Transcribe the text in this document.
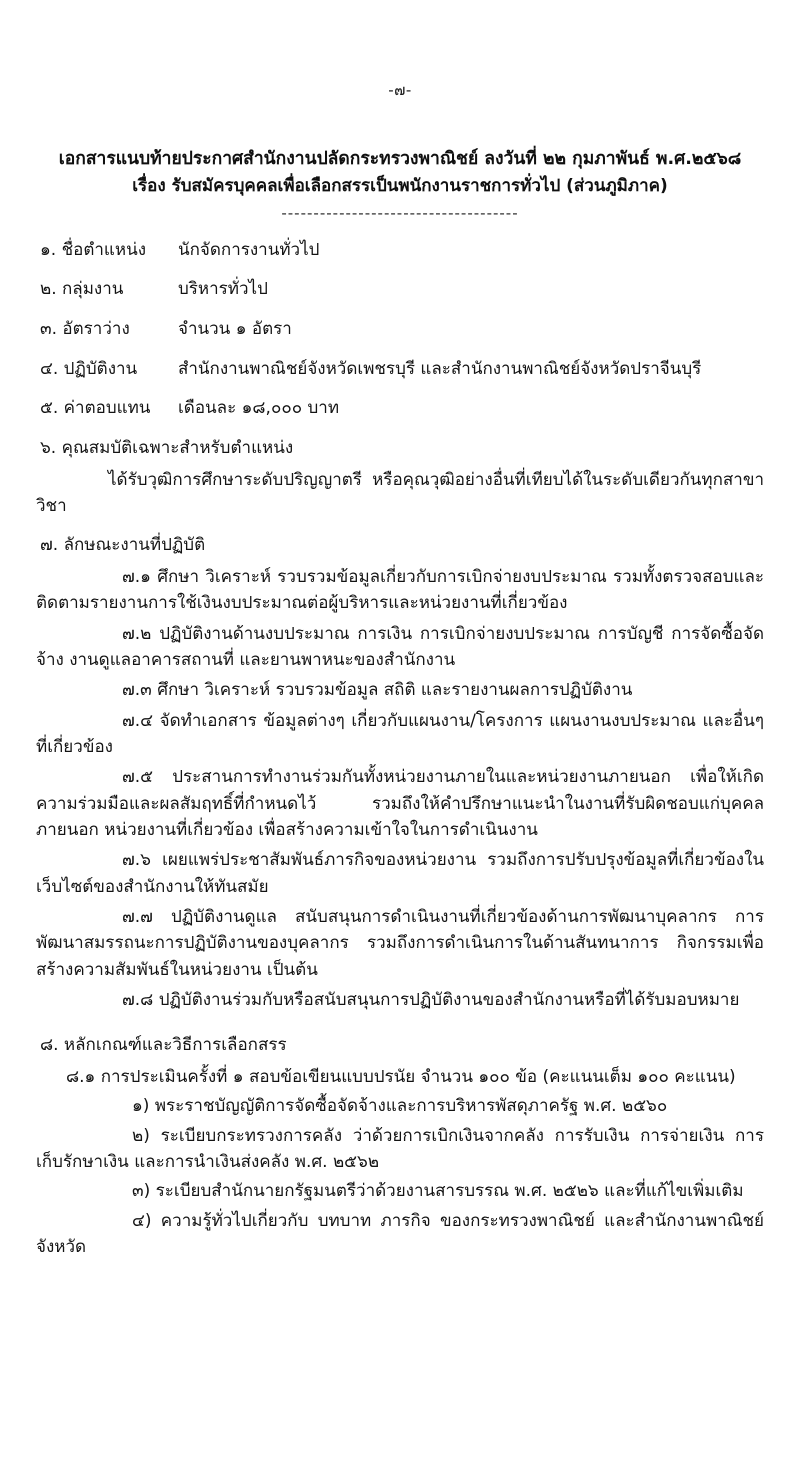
-๗-
เอกสารแนบท้ายประกาศสำนักงานปลัดกระทรวงพาณิชย์ ลงวันที่ ๒๒ กุมภาพันธ์ พ.ศ.๒๕๖๘
เรื่อง รับสมัครบุคคลเพื่อเลือกสรรเป็นพนักงานราชการทั่วไป (ส่วนภูมิภาค)
-------------------------------------
๑. ชื่อตำแหน่ง	นักจัดการงานทั่วไป
๒. กลุ่มงาน	บริหารทั่วไป
๓. อัตราว่าง	จำนวน ๑ อัตรา
๔. ปฏิบัติงาน	สำนักงานพาณิชย์จังหวัดเพชรบุรี และสำนักงานพาณิชย์จังหวัดปราจีนบุรี
๕. ค่าตอบแทน	เดือนละ ๑๘,๐๐๐ บาท
๖. คุณสมบัติเฉพาะสำหรับตำแหน่ง
ได้รับวุฒิการศึกษาระดับปริญญาตรี หรือคุณวุฒิอย่างอื่นที่เทียบได้ในระดับเดียวกันทุกสาขาวิชา
๗. ลักษณะงานที่ปฏิบัติ
๗.๑ ศึกษา วิเคราะห์ รวบรวมข้อมูลเกี่ยวกับการเบิกจ่ายงบประมาณ รวมทั้งตรวจสอบและติดตามรายงานการใช้เงินงบประมาณต่อผู้บริหารและหน่วยงานที่เกี่ยวข้อง
๗.๒ ปฏิบัติงานด้านงบประมาณ การเงิน การเบิกจ่ายงบประมาณ การบัญชี การจัดซื้อจัดจ้าง งานดูแลอาคารสถานที่ และยานพาหนะของสำนักงาน
๗.๓ ศึกษา วิเคราะห์ รวบรวมข้อมูล สถิติ และรายงานผลการปฏิบัติงาน
๗.๔ จัดทำเอกสาร ข้อมูลต่างๆ เกี่ยวกับแผนงาน/โครงการ แผนงานงบประมาณ และอื่นๆ ที่เกี่ยวข้อง
๗.๕ ประสานการทำงานร่วมกันทั้งหน่วยงานภายในและหน่วยงานภายนอก เพื่อให้เกิดความร่วมมือและผลสัมฤทธิ์ที่กำหนดไว้ รวมถึงให้คำปรึกษาแนะนำในงานที่รับผิดชอบแก่บุคคลภายนอก หน่วยงานที่เกี่ยวข้อง เพื่อสร้างความเข้าใจในการดำเนินงาน
๗.๖ เผยแพร่ประชาสัมพันธ์ภารกิจของหน่วยงาน รวมถึงการปรับปรุงข้อมูลที่เกี่ยวข้องในเว็บไซต์ของสำนักงานให้ทันสมัย
๗.๗ ปฏิบัติงานดูแล สนับสนุนการดำเนินงานที่เกี่ยวข้องด้านการพัฒนาบุคลากร การพัฒนาสมรรถนะการปฏิบัติงานของบุคลากร รวมถึงการดำเนินการในด้านสันทนาการ กิจกรรมเพื่อสร้างความสัมพันธ์ในหน่วยงาน เป็นต้น
๗.๘ ปฏิบัติงานร่วมกับหรือสนับสนุนการปฏิบัติงานของสำนักงานหรือที่ได้รับมอบหมาย
๘. หลักเกณฑ์และวิธีการเลือกสรร
๘.๑ การประเมินครั้งที่ ๑ สอบข้อเขียนแบบปรนัย จำนวน ๑๐๐ ข้อ (คะแนนเต็ม ๑๐๐ คะแนน)
๑) พระราชบัญญัติการจัดซื้อจัดจ้างและการบริหารพัสดุภาครัฐ พ.ศ. ๒๕๖๐
๒) ระเบียบกระทรวงการคลัง ว่าด้วยการเบิกเงินจากคลัง การรับเงิน การจ่ายเงิน การเก็บรักษาเงิน และการนำเงินส่งคลัง พ.ศ. ๒๕๖๒
๓) ระเบียบสำนักนายกรัฐมนตรีว่าด้วยงานสารบรรณ พ.ศ. ๒๕๒๖ และที่แก้ไขเพิ่มเติม
๔) ความรู้ทั่วไปเกี่ยวกับ บทบาท ภารกิจ ของกระทรวงพาณิชย์ และสำนักงานพาณิชย์จังหวัด
